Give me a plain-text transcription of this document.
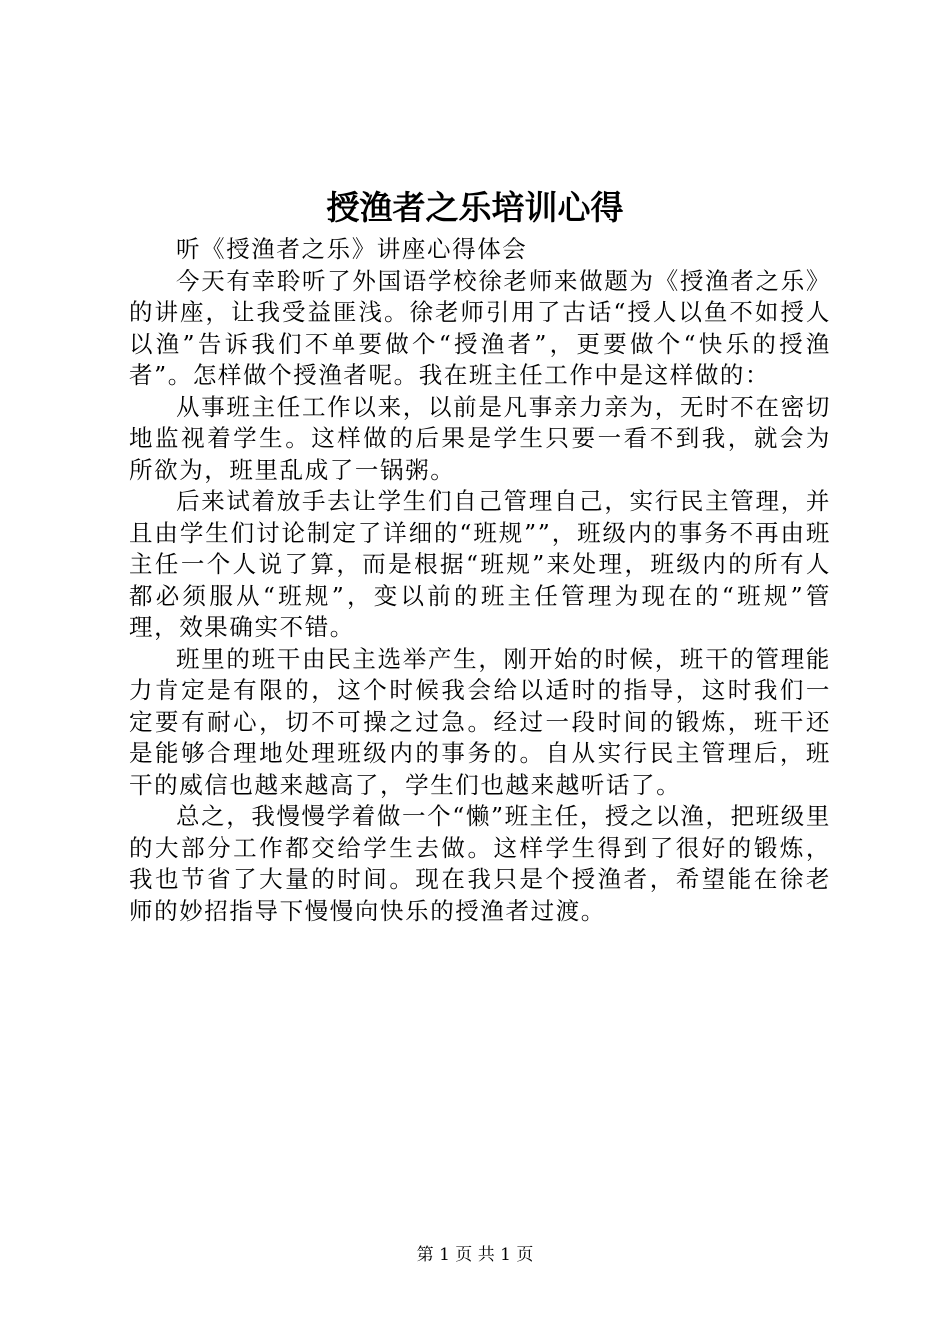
授渔者之乐培训心得

听《授渔者之乐》讲座心得体会

今天有幸聆听了外国语学校徐老师来做题为《授渔者之乐》的讲座，让我受益匪浅。徐老师引用了古话“授人以鱼不如授人以渔”告诉我们不单要做个“授渔者”，更要做个“快乐的授渔者”。怎样做个授渔者呢。我在班主任工作中是这样做的：

从事班主任工作以来，以前是凡事亲力亲为，无时不在密切地监视着学生。这样做的后果是学生只要一看不到我，就会为所欲为，班里乱成了一锅粥。

后来试着放手去让学生们自己管理自己，实行民主管理，并且由学生们讨论制定了详细的“班规””，班级内的事务不再由班主任一个人说了算，而是根据“班规”来处理，班级内的所有人都必须服从“班规”，变以前的班主任管理为现在的“班规”管理，效果确实不错。

班里的班干由民主选举产生，刚开始的时候，班干的管理能力肯定是有限的，这个时候我会给以适时的指导，这时我们一定要有耐心，切不可操之过急。经过一段时间的锻炼，班干还是能够合理地处理班级内的事务的。自从实行民主管理后，班干的威信也越来越高了，学生们也越来越听话了。

总之，我慢慢学着做一个“懒”班主任，授之以渔，把班级里的大部分工作都交给学生去做。这样学生得到了很好的锻炼，我也节省了大量的时间。现在我只是个授渔者，希望能在徐老师的妙招指导下慢慢向快乐的授渔者过渡。

第 1 页 共 1 页
